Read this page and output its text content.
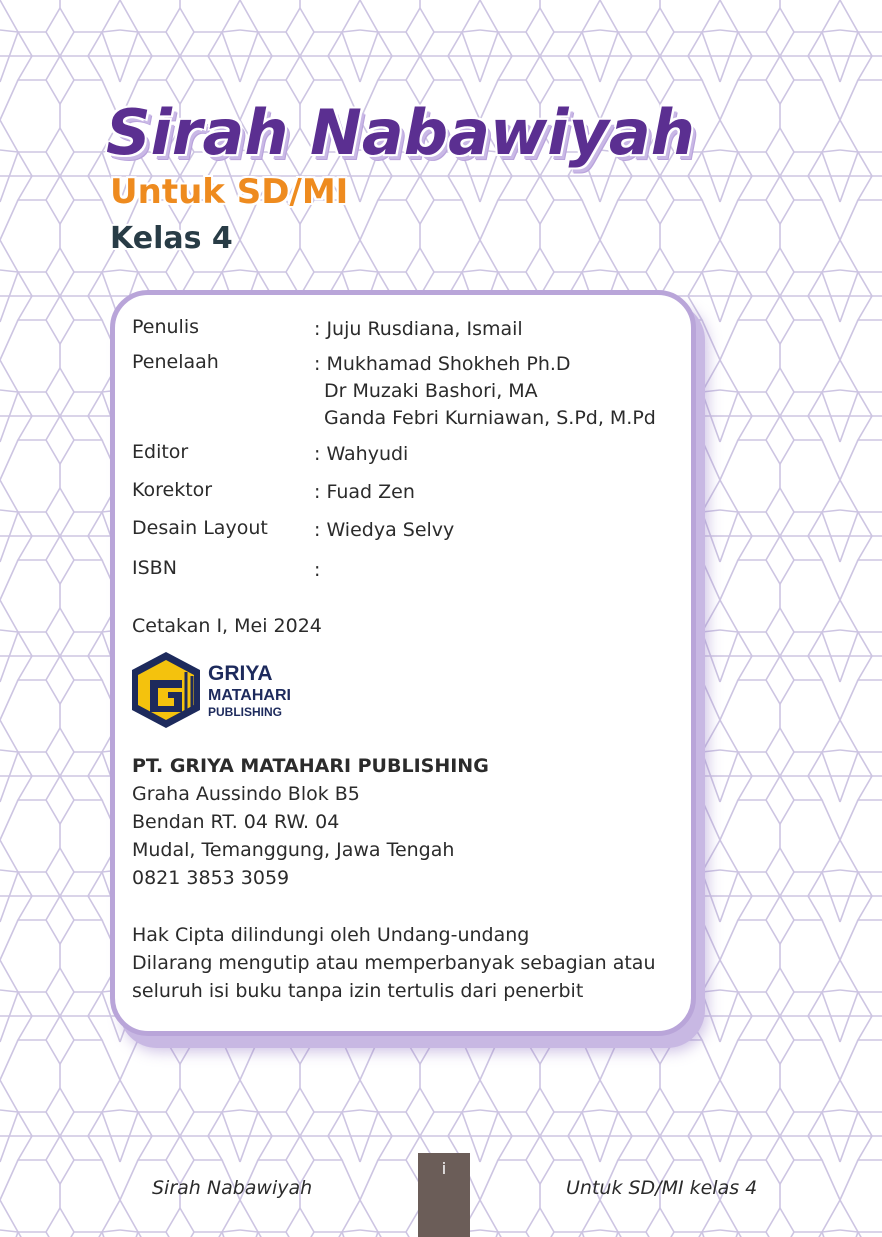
Sirah Nabawiyah
Untuk SD/MI
Kelas 4
Penulis	: Juju Rusdiana, Ismail
Penelaah	: Mukhamad Shokheh Ph.D
Dr Muzaki Bashori, MA
Ganda Febri Kurniawan, S.Pd, M.Pd
Editor	: Wahyudi
Korektor	: Fuad Zen
Desain Layout : Wiedya Selvy
ISBN	:
Cetakan I, Mei 2024
GRIYA
MATAHARI
PUBLISHING
PT. GRIYA MATAHARI PUBLISHING
Graha Aussindo Blok B5
Bendan RT. 04 RW. 04
Mudal, Temanggung, Jawa Tengah
0821 3853 3059
Hak Cipta dilindungi oleh Undang-undang
Dilarang mengutip atau memperbanyak sebagian atau
seluruh isi buku tanpa izin tertulis dari penerbit
Sirah Nabawiyah
i
Untuk SD/MI kelas 4
